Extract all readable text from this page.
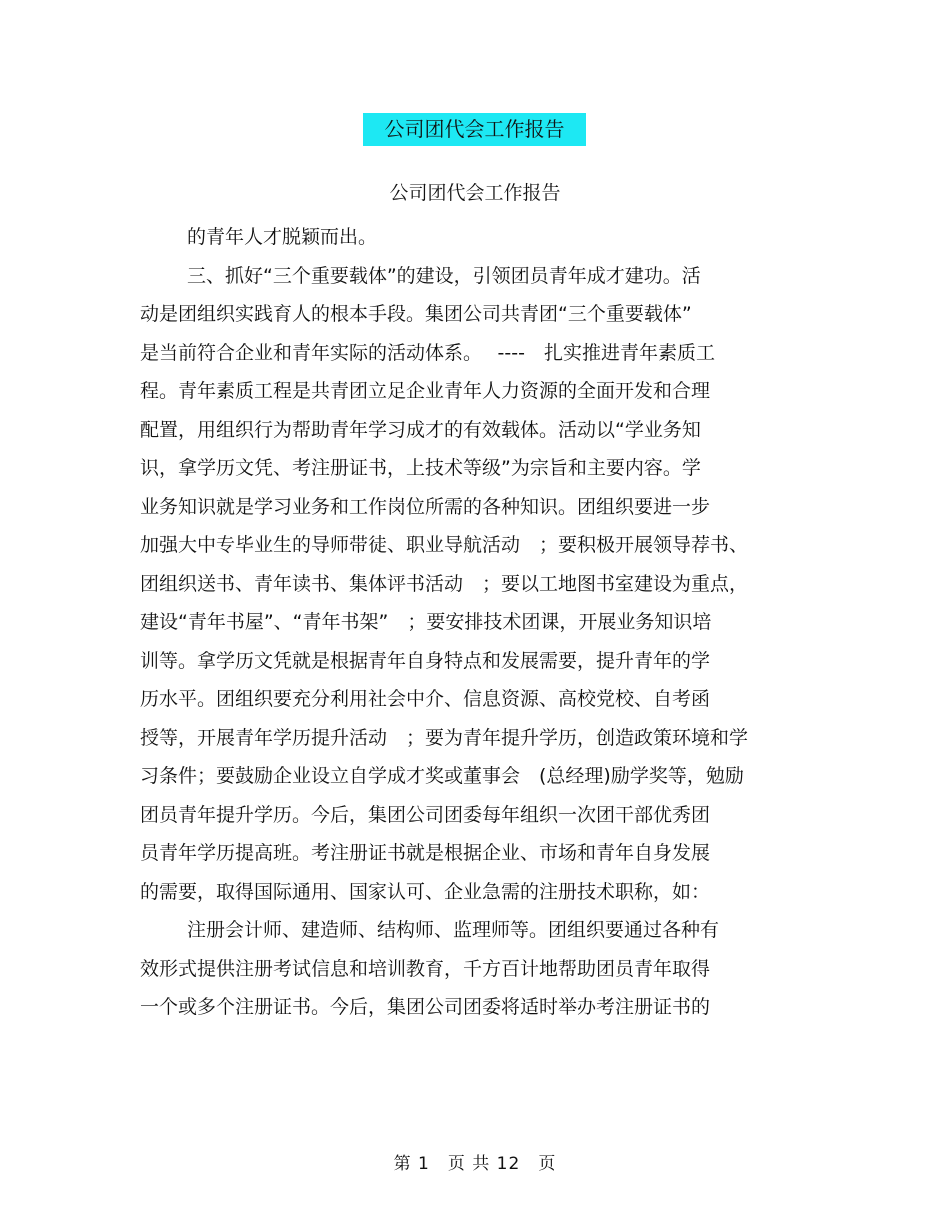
公司团代会工作报告
公司团代会工作报告
的青年人才脱颖而出。
三、抓好“三个重要载体”的建设，引领团员青年成才建功。活
动是团组织实践育人的根本手段。集团公司共青团“三个重要载体”
是当前符合企业和青年实际的活动体系。　 ----　扎实推进青年素质工
程。青年素质工程是共青团立足企业青年人力资源的全面开发和合理
配置，用组织行为帮助青年学习成才的有效载体。活动以“学业务知
识，拿学历文凭、考注册证书，上技术等级”为宗旨和主要内容。学
业务知识就是学习业务和工作岗位所需的各种知识。团组织要进一步
加强大中专毕业生的导师带徒、职业导航活动　；要积极开展领导荐书、
团组织送书、青年读书、集体评书活动　；要以工地图书室建设为重点，
建设“青年书屋”、“青年书架”　；要安排技术团课，开展业务知识培
训等。拿学历文凭就是根据青年自身特点和发展需要，提升青年的学
历水平。团组织要充分利用社会中介、信息资源、高校党校、自考函
授等，开展青年学历提升活动　；要为青年提升学历，创造政策环境和学
习条件；要鼓励企业设立自学成才奖或董事会　(总经理)励学奖等，勉励
团员青年提升学历。今后，集团公司团委每年组织一次团干部优秀团
员青年学历提高班。考注册证书就是根据企业、市场和青年自身发展
的需要，取得国际通用、国家认可、企业急需的注册技术职称，如：
注册会计师、建造师、结构师、监理师等。团组织要通过各种有
效形式提供注册考试信息和培训教育，千方百计地帮助团员青年取得
一个或多个注册证书。今后，集团公司团委将适时举办考注册证书的
第 1　页 共 12　页
